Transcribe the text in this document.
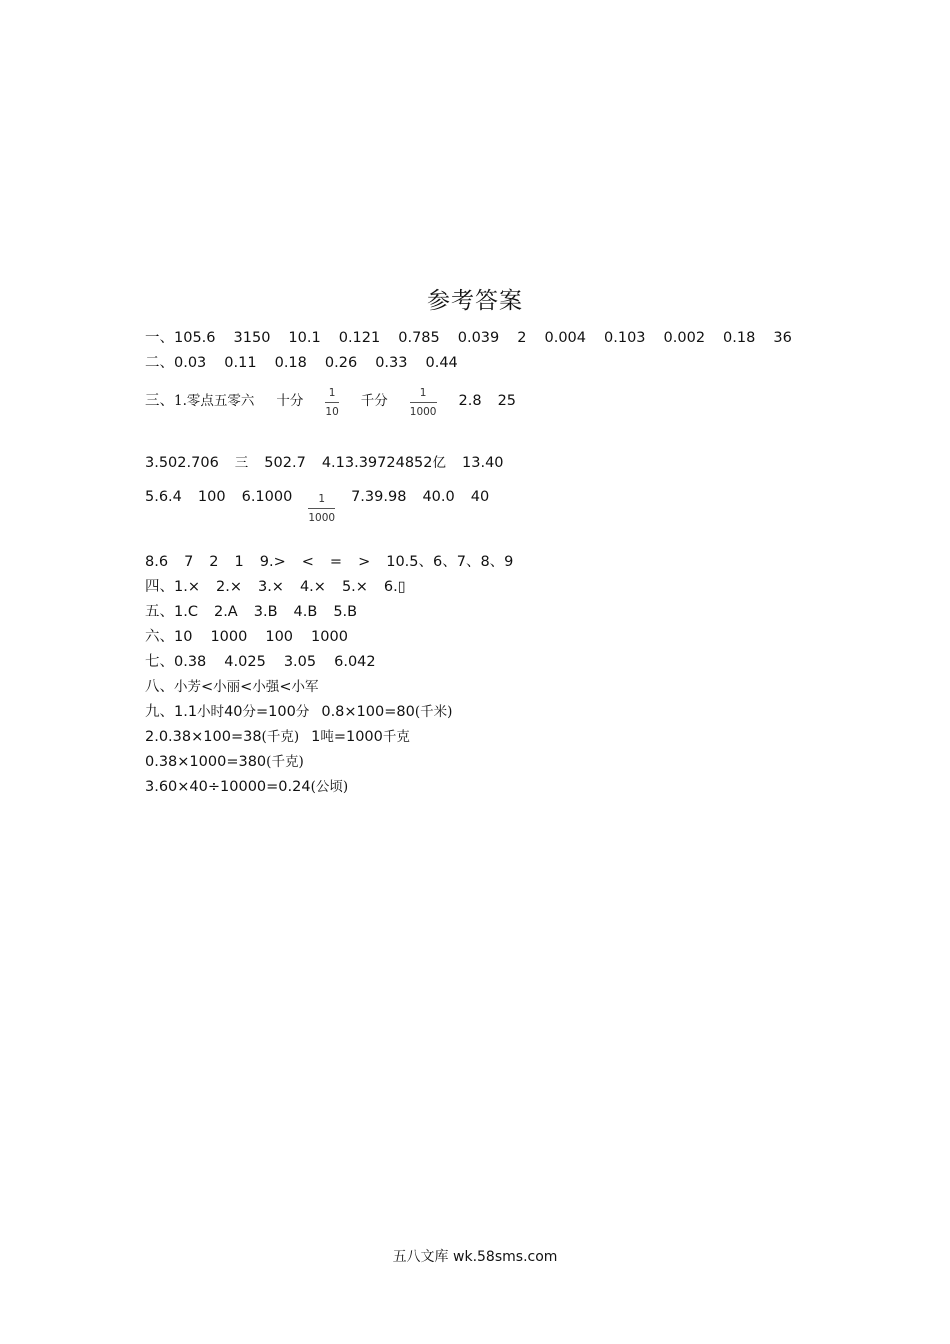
参考答案
一、105.6 3150 10.1 0.121 0.785 0.039 2 0.004 0.103 0.002 0.18 36
二、0.03 0.11 0.18 0.26 0.33 0.44
三、1.零点五零六 十分 $\frac{1}{10}$ 千分 $\frac{1}{1000} 2.8$ 25
3.502.706 三 502.7 4.13.39724852亿 13.40
5.6.4 100 $6.1000 \frac{1}{1000} 7.39.98$ 40.0 40
8.6 7 2 1 9.> < = > 10.5、6、7、8、9
四、1.× 2.× 3.× 4.× 5.× 6.▯
五、1.C 2.A 3.B 4.B 5.B
六、10 1000 100 1000
七、0.38 4.025 3.05 6.042
八、小芳<小丽<小强<小军
九、1.1小时40分=100分 0.8×100=80(千米)
2.0.38×100=38(千克) 1吨=1000千克
0.38×1000=380(千克)
3.60×40÷10000=0.24(公顷)
五八文库 wk.58sms.com
